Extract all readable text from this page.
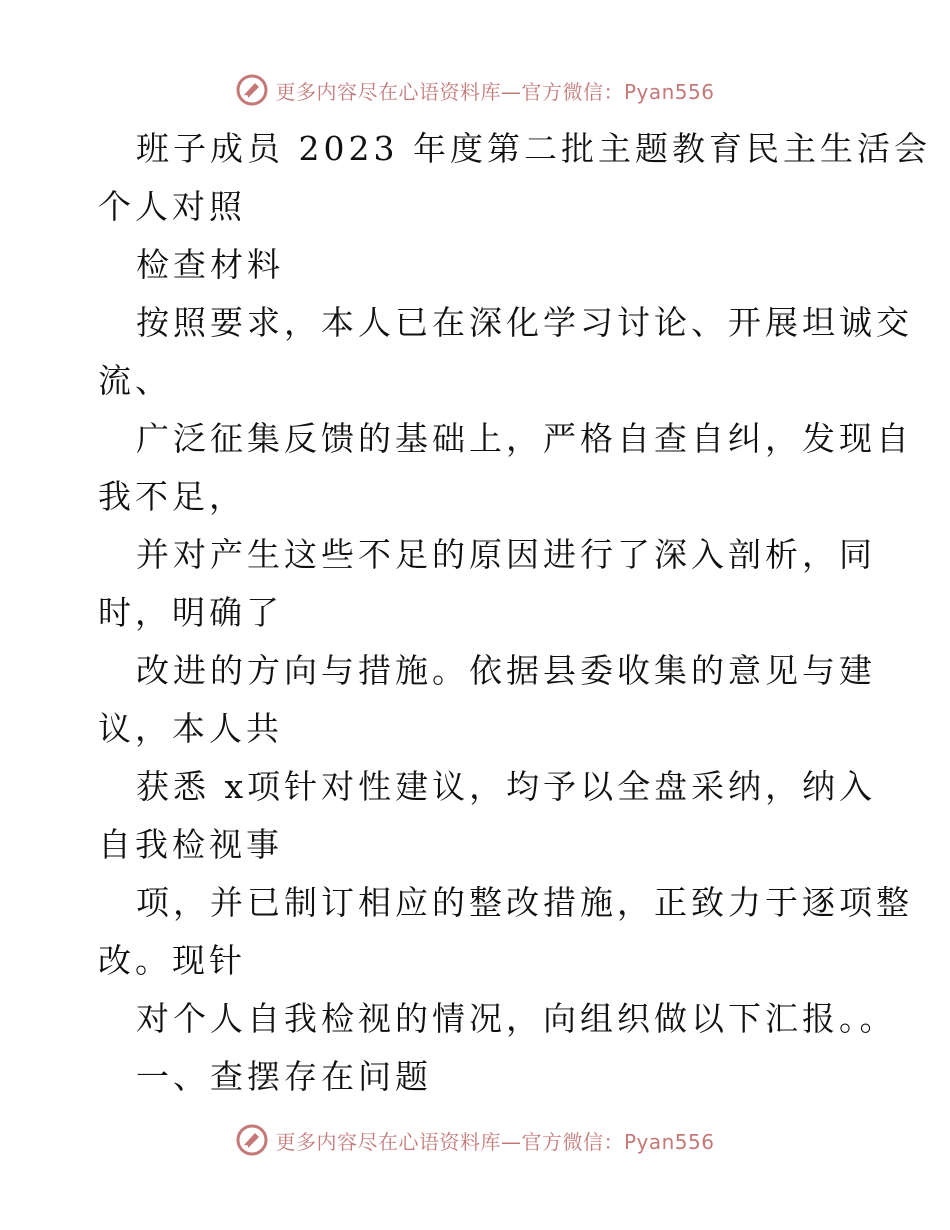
更多内容尽在心语资料库—官方微信：Pyan556
班子成员 2023 年度第二批主题教育民主生活会
个人对照
检查材料
按照要求，本人已在深化学习讨论、开展坦诚交
流、
广泛征集反馈的基础上，严格自查自纠，发现自
我不足，
并对产生这些不足的原因进行了深入剖析，同
时，明确了
改进的方向与措施。依据县委收集的意见与建
议，本人共
获悉 x项针对性建议，均予以全盘采纳，纳入
自我检视事
项，并已制订相应的整改措施，正致力于逐项整
改。现针
对个人自我检视的情况，向组织做以下汇报。。
一、查摆存在问题
更多内容尽在心语资料库—官方微信：Pyan556
